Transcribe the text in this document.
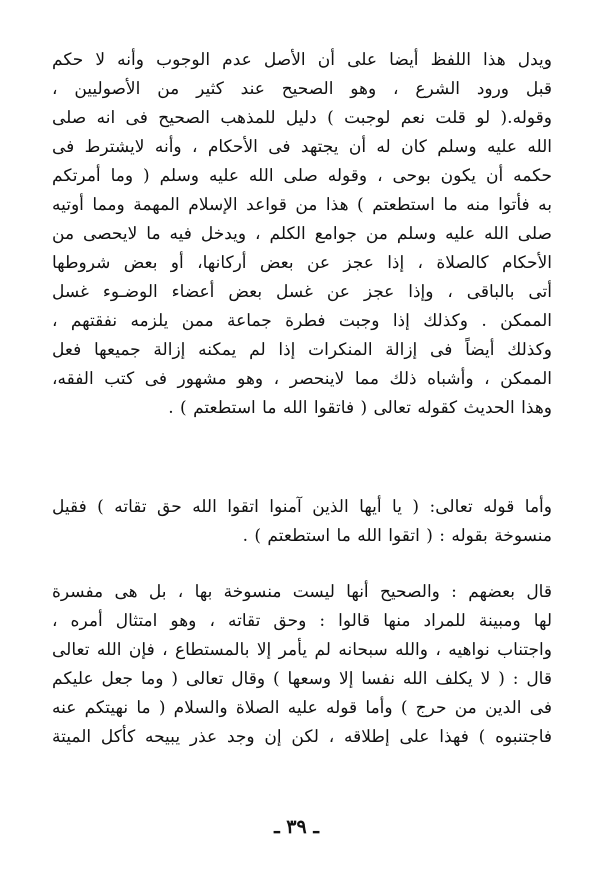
ويدل هذا اللفظ أيضا على أن الأصل عدم الوجوب وأنه لا حكم
قبل ورود الشرع ، وهو الصحيح عند كثير من الأصوليين ،
وقوله.( لو قلت نعم لوجبت ) دليل للمذهب الصحيح فى انه صلى
الله عليه وسلم كان له أن يجتهد فى الأحكام ، وأنه لايشترط فى
حكمه أن يكون بوحى ، وقوله صلى الله عليه وسلم ( وما أمرتكم
به فأتوا منه ما استطعتم ) هذا من قواعد الإسلام المهمة ومما أوتيه
صلى الله عليه وسلم من جوامع الكلم ، ويدخل فيه ما لايحصى من
الأحكام كالصلاة ، إذا عجز عن بعض أركانها، أو بعض شروطها
أتى بالباقى ، وإذا عجز عن غسل بعض أعضاء الوضـوء غسل
الممكن . وكذلك إذا وجبت فطرة جماعة ممن يلزمه نفقتهم ،
وكذلك أيضاً فى إزالة المنكرات إذا لم يمكنه إزالة جميعها فعل
الممكن ، وأشباه ذلك مما لاينحصر ، وهو مشهور فى كتب الفقه،
وهذا الحديث كقوله تعالى ( فاتقوا الله ما استطعتم ) .
وأما قوله تعالى: ( يا أيها الذين آمنوا اتقوا الله حق تقاته ) فقيل
منسوخة بقوله : ( اتقوا الله ما استطعتم ) .
قال بعضهم : والصحيح أنها ليست منسوخة بها ، بل هى مفسرة
لها ومبينة للمراد منها قالوا : وحق تقاته ، وهو امتثال أمره ،
واجتناب نواهيه ، والله سبحانه لم يأمر إلا بالمستطاع ، فإن الله تعالى
قال : ( لا يكلف الله نفسا إلا وسعها ) وقال تعالى ( وما جعل عليكم
فى الدين من حرج ) وأما قوله عليه الصلاة والسلام ( ما نهيتكم عنه
فاجتنبوه ) فهذا على إطلاقه ، لكن إن وجد عذر يبيحه كأكل الميتة
ـ ٣٩ ـ
